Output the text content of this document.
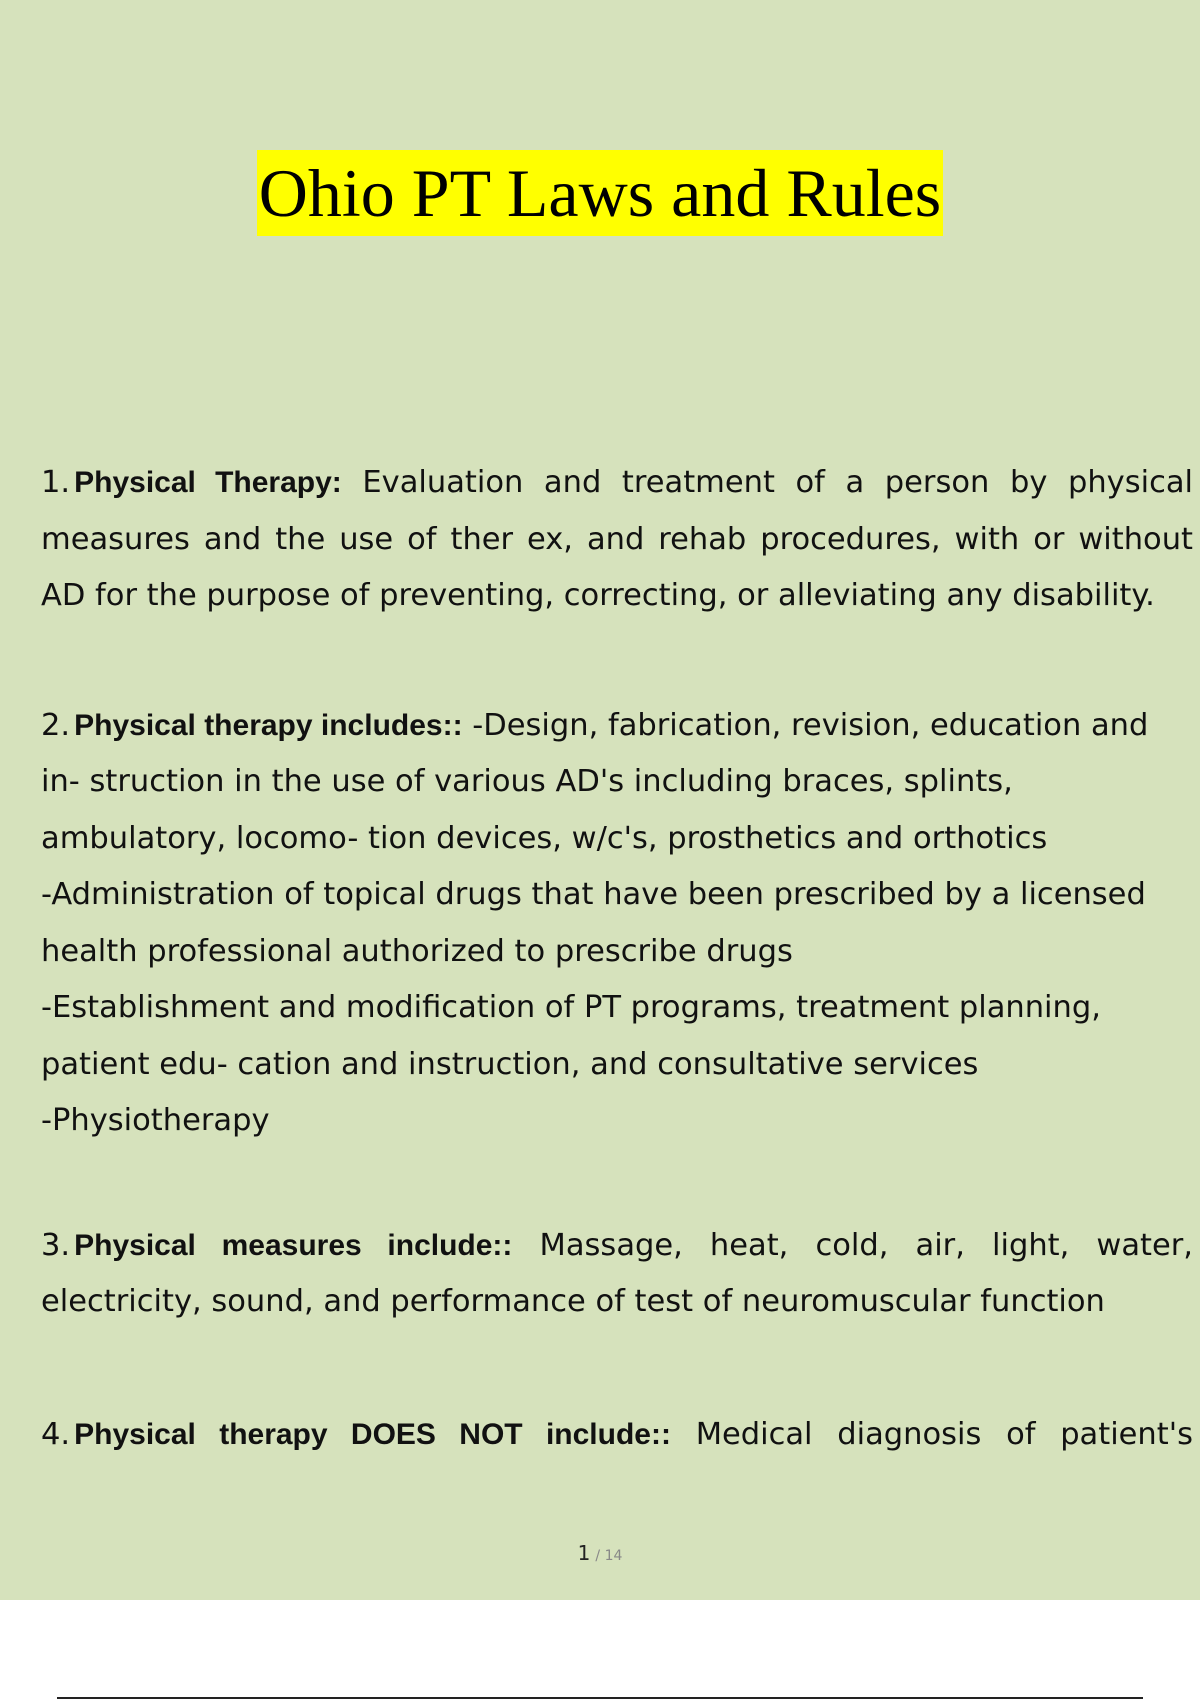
Ohio PT Laws and Rules

1. Physical Therapy: Evaluation and treatment of a person by physical measures and the use of ther ex, and rehab procedures, with or without AD for the purpose of preventing, correcting, or alleviating any disability.

2. Physical therapy includes:: -Design, fabrication, revision, education and in- struction in the use of various AD's including braces, splints, ambulatory, locomo- tion devices, w/c's, prosthetics and orthotics
-Administration of topical drugs that have been prescribed by a licensed health professional authorized to prescribe drugs
-Establishment and modification of PT programs, treatment planning, patient edu- cation and instruction, and consultative services
-Physiotherapy

3. Physical measures include:: Massage, heat, cold, air, light, water, electricity, sound, and performance of test of neuromuscular function

4. Physical therapy DOES NOT include:: Medical diagnosis of patient's

1 / 14
